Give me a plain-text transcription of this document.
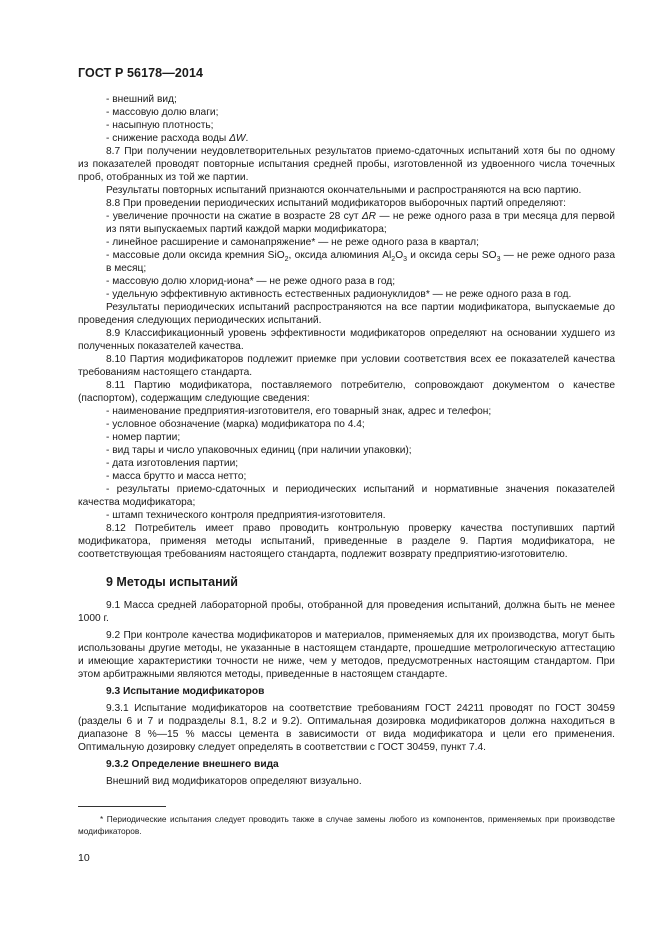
ГОСТ Р 56178—2014

- внешний вид;

- массовую долю влаги;

- насыпную плотность;

- снижение расхода воды ΔW.

8.7 При получении неудовлетворительных результатов приемо-сдаточных испытаний хотя бы по одному из показателей проводят повторные испытания средней пробы, изготовленной из удвоенного числа точечных проб, отобранных из той же партии.

Результаты повторных испытаний признаются окончательными и распространяются на всю партию.

8.8 При проведении периодических испытаний модификаторов выборочных партий определяют:

- увеличение прочности на сжатие в возрасте 28 сут ΔR — не реже одного раза в три месяца для первой из пяти выпускаемых партий каждой марки модификатора;

- линейное расширение и самонапряжение* — не реже одного раза в квартал;

- массовые доли оксида кремния SiO$_2$, оксида алюминия $Al_2O_3$ и оксида серы $SO_3$ — не реже одного раза в месяц;

- массовую долю хлорид-иона* — не реже одного раза в год;

- удельную эффективную активность естественных радионуклидов* — не реже одного раза в год.

Результаты периодических испытаний распространяются на все партии модификатора, выпускаемые до проведения следующих периодических испытаний.

8.9 Классификационный уровень эффективности модификаторов определяют на основании худшего из полученных показателей качества.

8.10 Партия модификаторов подлежит приемке при условии соответствия всех ее показателей качества требованиям настоящего стандарта.

8.11 Партию модификатора, поставляемого потребителю, сопровождают документом о качестве (паспортом), содержащим следующие сведения:

- наименование предприятия-изготовителя, его товарный знак, адрес и телефон;

- условное обозначение (марка) модификатора по 4.4;

- номер партии;

- вид тары и число упаковочных единиц (при наличии упаковки);

- дата изготовления партии;

- масса брутто и масса нетто;

- результаты приемо-сдаточных и периодических испытаний и нормативные значения показателей качества модификатора;

- штамп технического контроля предприятия-изготовителя.

8.12 Потребитель имеет право проводить контрольную проверку качества поступивших партий модификатора, применяя методы испытаний, приведенные в разделе 9. Партия модификатора, не соответствующая требованиям настоящего стандарта, подлежит возврату предприятию-изготовителю.

9 Методы испытаний

9.1 Масса средней лабораторной пробы, отобранной для проведения испытаний, должна быть не менее 1000 г.

9.2 При контроле качества модификаторов и материалов, применяемых для их производства, могут быть использованы другие методы, не указанные в настоящем стандарте, прошедшие метрологическую аттестацию и имеющие характеристики точности не ниже, чем у методов, предусмотренных настоящим стандартом. При этом арбитражными являются методы, приведенные в настоящем стандарте.

9.3 Испытание модификаторов

9.3.1 Испытание модификаторов на соответствие требованиям ГОСТ 24211 проводят по ГОСТ 30459 (разделы 6 и 7 и подразделы 8.1, 8.2 и 9.2). Оптимальная дозировка модификаторов должна находиться в диапазоне 8 %—15 % массы цемента в зависимости от вида модификатора и цели его применения. Оптимальную дозировку следует определять в соответствии с ГОСТ 30459, пункт 7.4.

9.3.2 Определение внешнего вида

Внешний вид модификаторов определяют визуально.

* Периодические испытания следует проводить также в случае замены любого из компонентов, применяемых при производстве модификаторов.

10
